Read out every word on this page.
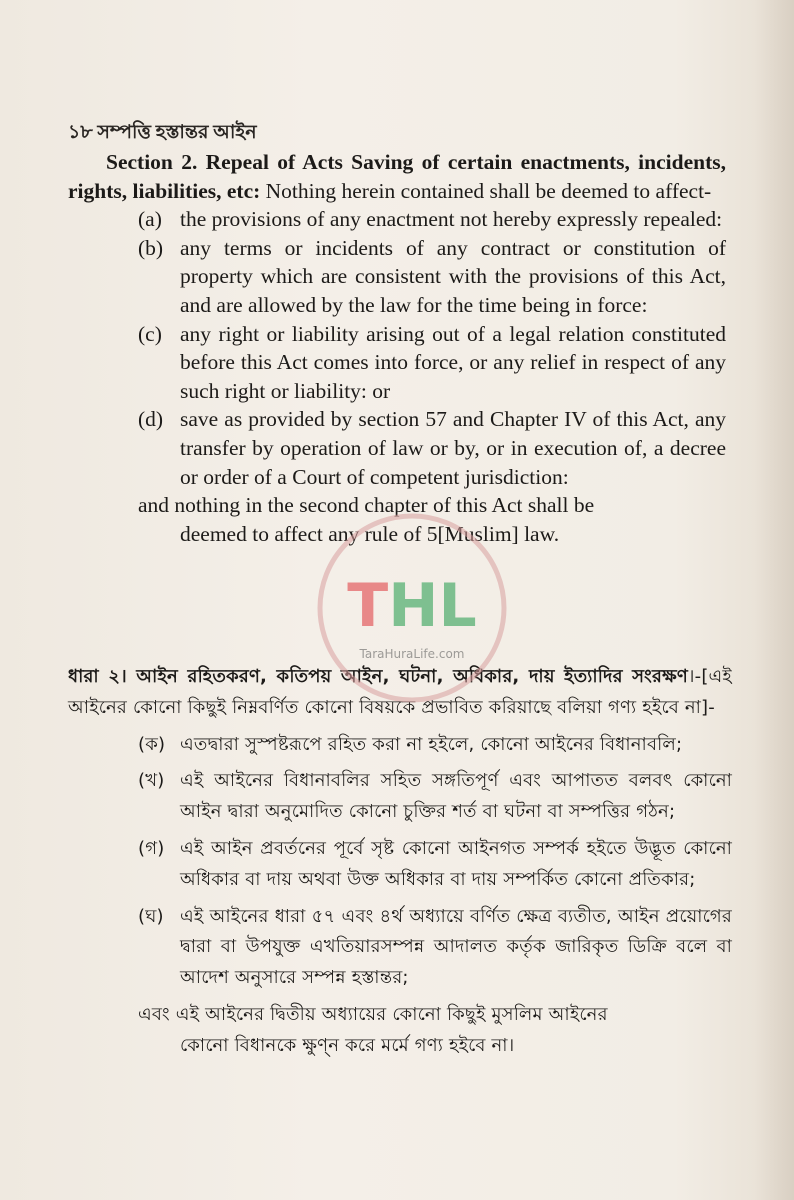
১৮ সম্পত্তি হস্তান্তর আইন

Section 2. Repeal of Acts Saving of certain enactments, incidents, rights, liabilities, etc: Nothing herein contained shall be deemed to affect-

(a) the provisions of any enactment not hereby expressly repealed:

(b) any terms or incidents of any contract or constitution of property which are consistent with the provisions of this Act, and are allowed by the law for the time being in force:

(c) any right or liability arising out of a legal relation constituted before this Act comes into force, or any relief in respect of any such right or liability: or

(d) save as provided by section 57 and Chapter IV of this Act, any transfer by operation of law or by, or in execution of, a decree or order of a Court of competent jurisdiction:

and nothing in the second chapter of this Act shall be
deemed to affect any rule of 5[Muslim] law.

ধারা ২। আইন রহিতকরণ, কতিপয় আইন, ঘটনা, অধিকার, দায় ইত্যাদির সংরক্ষণ।-[এই আইনের কোনো কিছুই নিম্নবর্ণিত কোনো বিষয়কে প্রভাবিত করিয়াছে বলিয়া গণ্য হইবে না]-

(ক) এতদ্বারা সুস্পষ্টরূপে রহিত করা না হইলে, কোনো আইনের বিধানাবলি;

(খ) এই আইনের বিধানাবলির সহিত সঙ্গতিপূর্ণ এবং আপাতত বলবৎ কোনো আইন দ্বারা অনুমোদিত কোনো চুক্তির শর্ত বা ঘটনা বা সম্পত্তির গঠন;

(গ) এই আইন প্রবর্তনের পূর্বে সৃষ্ট কোনো আইনগত সম্পর্ক হইতে উদ্ভূত কোনো অধিকার বা দায় অথবা উক্ত অধিকার বা দায় সম্পর্কিত কোনো প্রতিকার;

(ঘ) এই আইনের ধারা ৫৭ এবং ৪র্থ অধ্যায়ে বর্ণিত ক্ষেত্র ব্যতীত, আইন প্রয়োগের দ্বারা বা উপযুক্ত এখতিয়ারসম্পন্ন আদালত কর্তৃক জারিকৃত ডিক্রি বলে বা আদেশ অনুসারে সম্পন্ন হস্তান্তর;

এবং এই আইনের দ্বিতীয় অধ্যায়ের কোনো কিছুই মুসলিম আইনের
কোনো বিধানকে ক্ষুণ্ন করে মর্মে গণ্য হইবে না।

THL
TaraHuraLife.com
